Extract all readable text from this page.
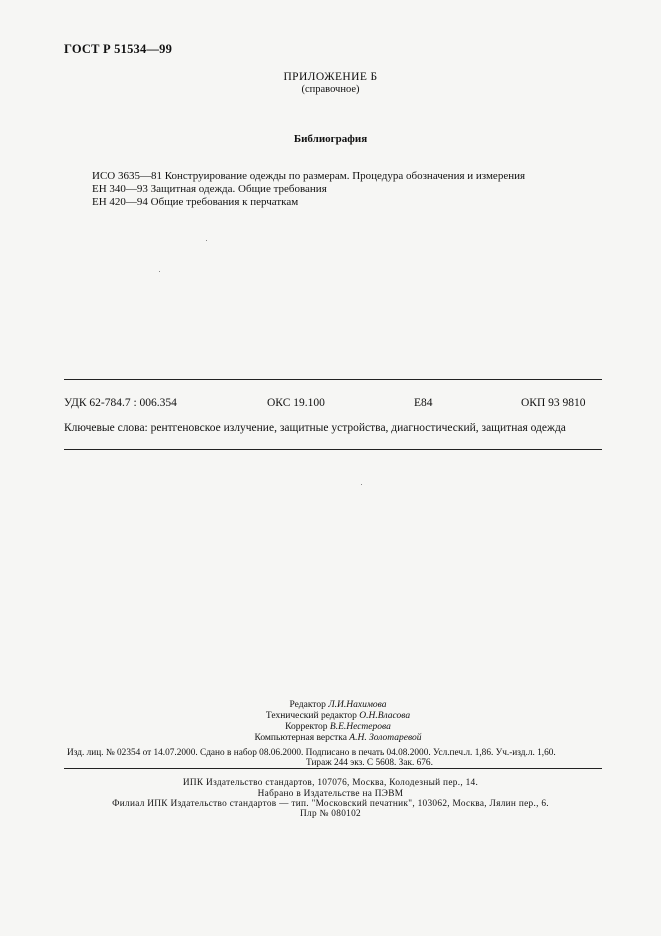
ГОСТ Р 51534—99
ПРИЛОЖЕНИЕ Б
(справочное)
Библиография
ИСО 3635—81 Конструирование одежды по размерам. Процедура обозначения и измерения
ЕН 340—93 Защитная одежда. Общие требования
ЕН 420—94 Общие требования к перчаткам
УДК 62-784.7 : 006.354	ОКС 19.100	Е84	ОКП 93 9810
Ключевые слова: рентгеновское излучение, защитные устройства, диагностический, защитная одежда
Редактор Л.И.Нахимова
Технический редактор О.Н.Власова
Корректор В.Е.Нестерова
Компьютерная верстка А.Н. Золотаревой
Изд. лиц. № 02354 от 14.07.2000. Сдано в набор 08.06.2000. Подписано в печать 04.08.2000. Усл.печ.л. 1,86. Уч.-изд.л. 1,60.
Тираж 244 экз. С 5608. Зак. 676.
ИПК Издательство стандартов, 107076, Москва, Колодезный пер., 14.
Набрано в Издательстве на ПЭВМ
Филиал ИПК Издательство стандартов — тип. "Московский печатник", 103062, Москва, Лялин пер., 6.
Плр № 080102
